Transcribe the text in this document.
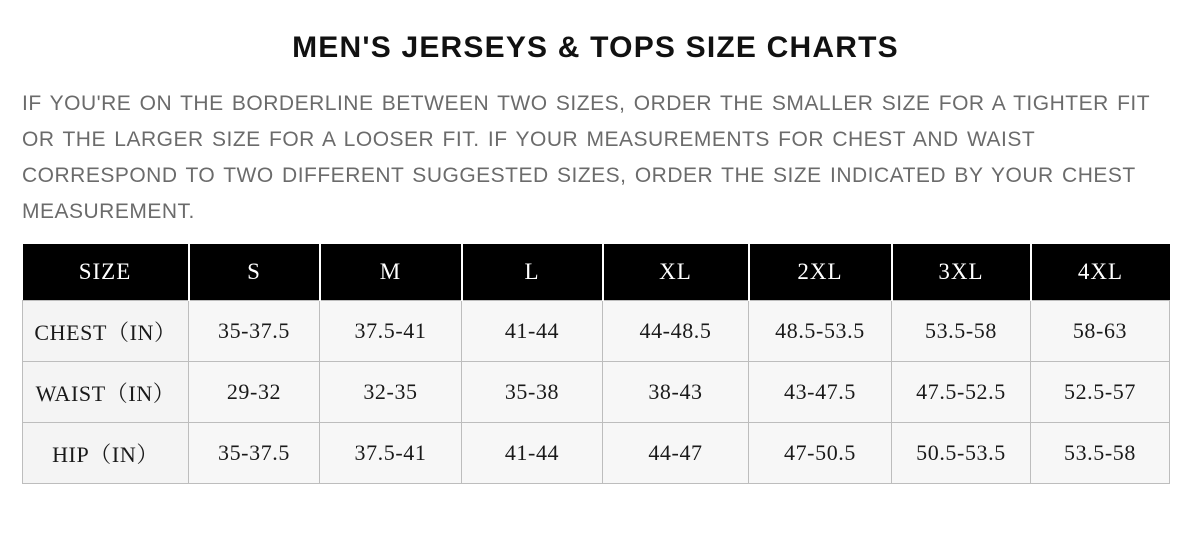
MEN'S JERSEYS & TOPS SIZE CHARTS

IF YOU'RE ON THE BORDERLINE BETWEEN TWO SIZES, ORDER THE SMALLER SIZE FOR A TIGHTER FIT OR THE LARGER SIZE FOR A LOOSER FIT. IF YOUR MEASUREMENTS FOR CHEST AND WAIST CORRESPOND TO TWO DIFFERENT SUGGESTED SIZES, ORDER THE SIZE INDICATED BY YOUR CHEST MEASUREMENT.

SIZE	S	M	L	XL	2XL	3XL	4XL
CHEST（IN）	35-37.5	37.5-41	41-44	44-48.5	48.5-53.5	53.5-58	58-63
WAIST（IN）	29-32	32-35	35-38	38-43	43-47.5	47.5-52.5	52.5-57
HIP（IN）	35-37.5	37.5-41	41-44	44-47	47-50.5	50.5-53.5	53.5-58
